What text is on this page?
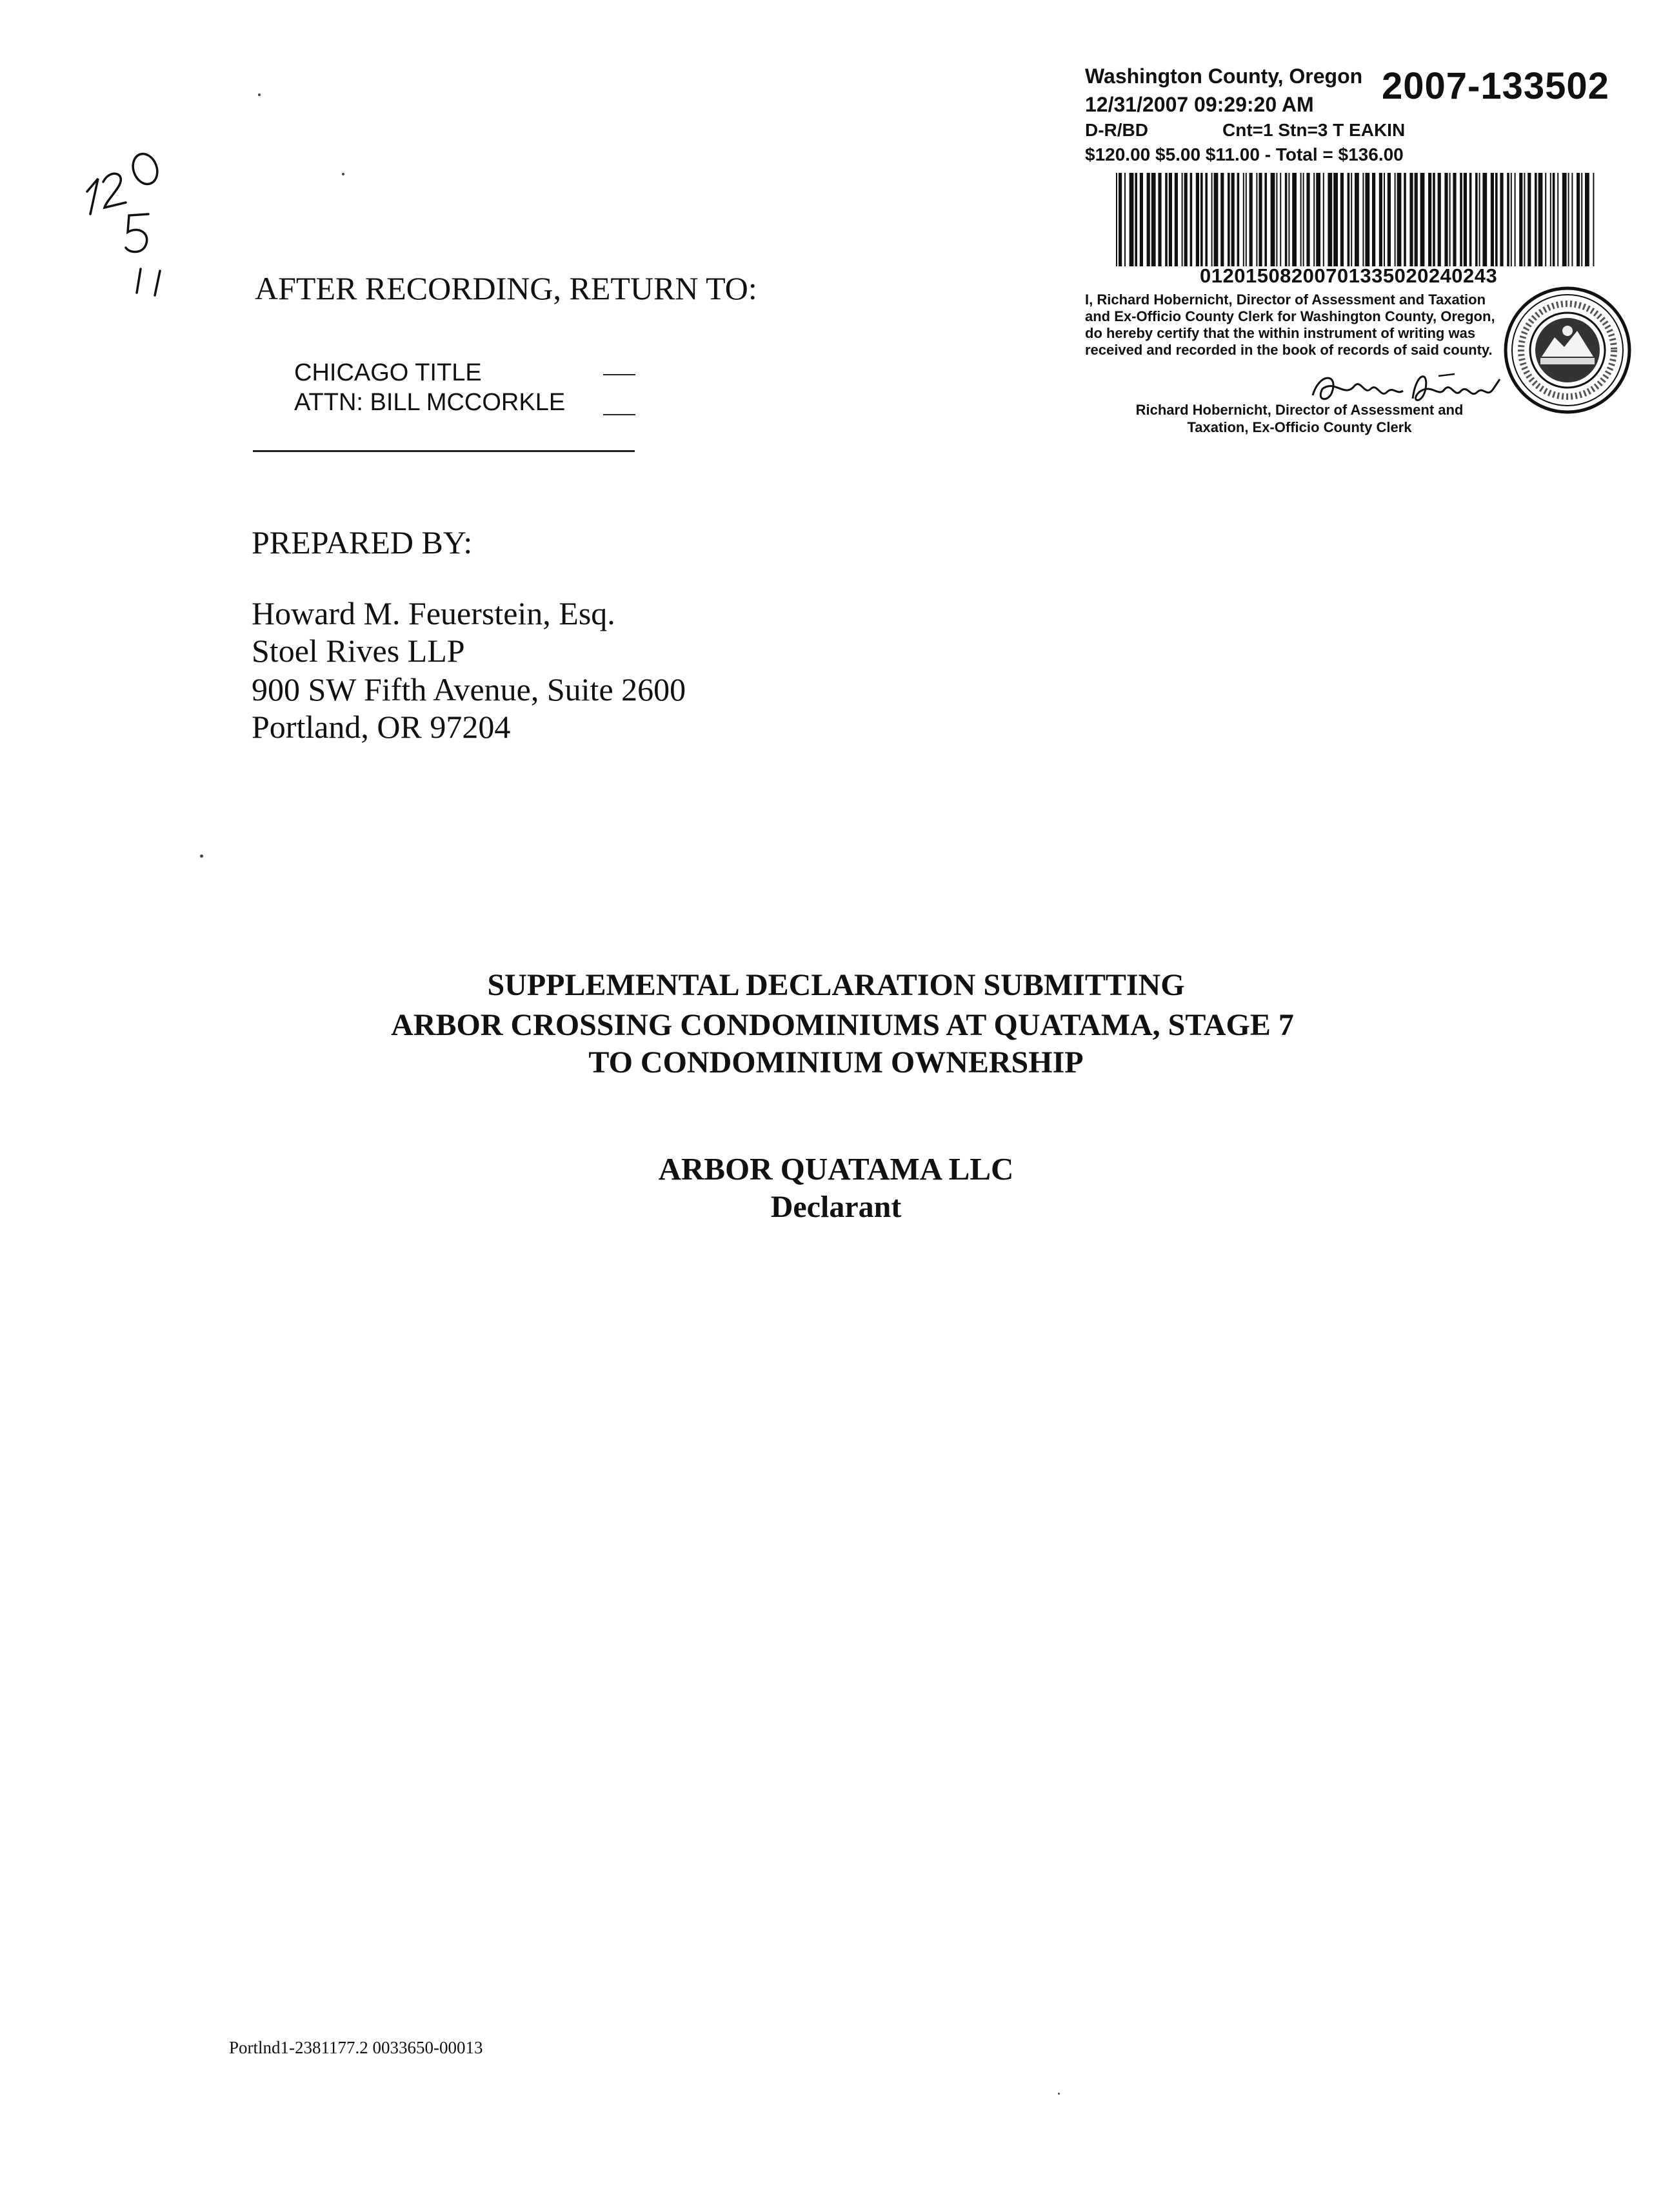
Washington County, Oregon 2007-133502
12/31/2007 09:29:20 AM
D-R/BD	Cnt=1 Stn=3 T EAKIN
$120.00 $5.00 $11.00 - Total = $136.00
01201508200701335020240243
I, Richard Hobernicht, Director of Assessment and Taxation and Ex-Officio County Clerk for Washington County, Oregon, do hereby certify that the within instrument of writing was received and recorded in the book of records of said county.
Richard Hobernicht, Director of Assessment and
Taxation, Ex-Officio County Clerk
AFTER RECORDING, RETURN TO:
CHICAGO TITLE
ATTN: BILL MCCORKLE
PREPARED BY:
Howard M. Feuerstein, Esq.
Stoel Rives LLP
900 SW Fifth Avenue, Suite 2600
Portland, OR 97204
SUPPLEMENTAL DECLARATION SUBMITTING
ARBOR CROSSING CONDOMINIUMS AT QUATAMA, STAGE 7
TO CONDOMINIUM OWNERSHIP
ARBOR QUATAMA LLC
Declarant
Portlnd1-2381177.2 0033650-00013
